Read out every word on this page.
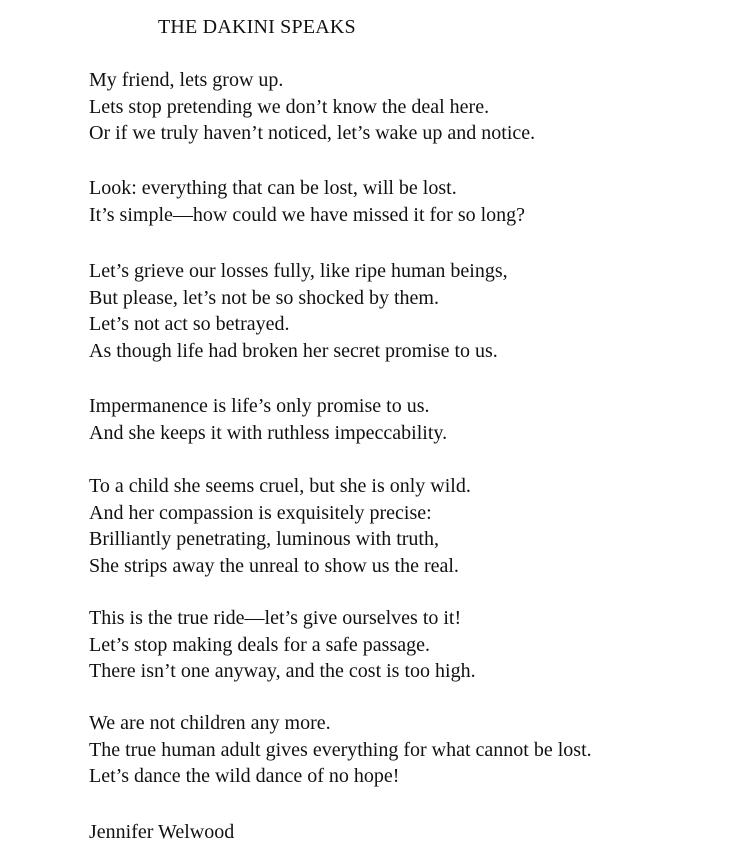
THE DAKINI SPEAKS
My friend, lets grow up.
Lets stop pretending we don’t know the deal here.
Or if we truly haven’t noticed, let’s wake up and notice.
Look: everything that can be lost, will be lost.
It’s simple—how could we have missed it for so long?
Let’s grieve our losses fully, like ripe human beings,
But please, let’s not be so shocked by them.
Let’s not act so betrayed.
As though life had broken her secret promise to us.
Impermanence is life’s only promise to us.
And she keeps it with ruthless impeccability.
To a child she seems cruel, but she is only wild.
And her compassion is exquisitely precise:
Brilliantly penetrating, luminous with truth,
She strips away the unreal to show us the real.
This is the true ride—let’s give ourselves to it!
Let’s stop making deals for a safe passage.
There isn’t one anyway, and the cost is too high.
We are not children any more.
The true human adult gives everything for what cannot be lost.
Let’s dance the wild dance of no hope!
Jennifer Welwood
